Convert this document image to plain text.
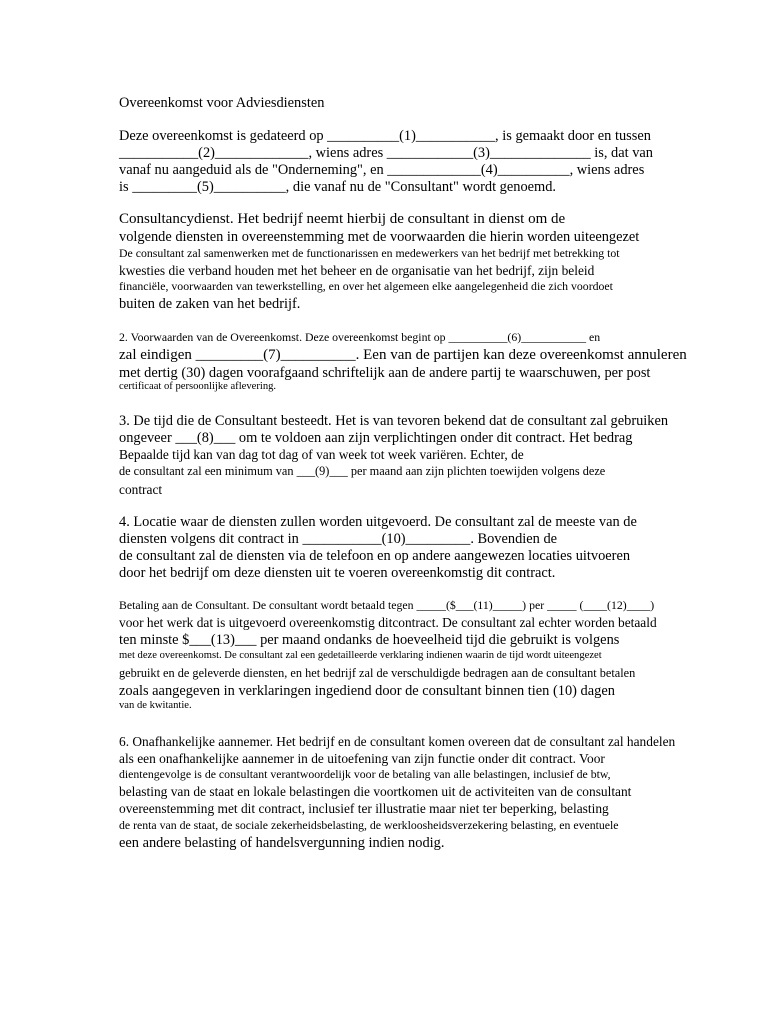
Overeenkomst voor Adviesdiensten
Deze overeenkomst is gedateerd op __________(1)___________, is gemaakt door en tussen
___________(2)_____________, wiens adres ____________(3)______________ is, dat van
vanaf nu aangeduid als de "Onderneming", en _____________(4)__________, wiens adres
is _________(5)__________, die vanaf nu de "Consultant" wordt genoemd.
Consultancydienst. Het bedrijf neemt hierbij de consultant in dienst om de
volgende diensten in overeenstemming met de voorwaarden die hierin worden uiteengezet
De consultant zal samenwerken met de functionarissen en medewerkers van het bedrijf met betrekking tot
kwesties die verband houden met het beheer en de organisatie van het bedrijf, zijn beleid
financiële, voorwaarden van tewerkstelling, en over het algemeen elke aangelegenheid die zich voordoet
buiten de zaken van het bedrijf.
2. Voorwaarden van de Overeenkomst. Deze overeenkomst begint op __________(6)___________ en
zal eindigen _________(7)__________. Een van de partijen kan deze overeenkomst annuleren
met dertig (30) dagen voorafgaand schriftelijk aan de andere partij te waarschuwen, per post
certificaat of persoonlijke aflevering.
3. De tijd die de Consultant besteedt. Het is van tevoren bekend dat de consultant zal gebruiken
ongeveer ___(8)___ om te voldoen aan zijn verplichtingen onder dit contract. Het bedrag
Bepaalde tijd kan van dag tot dag of van week tot week variëren. Echter, de
de consultant zal een minimum van ___(9)___ per maand aan zijn plichten toewijden volgens deze
contract
4. Locatie waar de diensten zullen worden uitgevoerd. De consultant zal de meeste van de
diensten volgens dit contract in ___________(10)_________. Bovendien de
de consultant zal de diensten via de telefoon en op andere aangewezen locaties uitvoeren
door het bedrijf om deze diensten uit te voeren overeenkomstig dit contract.
Betaling aan de Consultant. De consultant wordt betaald tegen _____($___(11)_____) per _____ (____(12)____)
voor het werk dat is uitgevoerd overeenkomstig ditcontract. De consultant zal echter worden betaald
ten minste $___(13)___ per maand ondanks de hoeveelheid tijd die gebruikt is volgens
met deze overeenkomst. De consultant zal een gedetailleerde verklaring indienen waarin de tijd wordt uiteengezet
gebruikt en de geleverde diensten, en het bedrijf zal de verschuldigde bedragen aan de consultant betalen
zoals aangegeven in verklaringen ingediend door de consultant binnen tien (10) dagen
van de kwitantie.
6. Onafhankelijke aannemer. Het bedrijf en de consultant komen overeen dat de consultant zal handelen
als een onafhankelijke aannemer in de uitoefening van zijn functie onder dit contract. Voor
dientengevolge is de consultant verantwoordelijk voor de betaling van alle belastingen, inclusief de btw,
belasting van de staat en lokale belastingen die voortkomen uit de activiteiten van de consultant
overeenstemming met dit contract, inclusief ter illustratie maar niet ter beperking, belasting
de renta van de staat, de sociale zekerheidsbelasting, de werkloosheidsverzekering belasting, en eventuele
een andere belasting of handelsvergunning indien nodig.
